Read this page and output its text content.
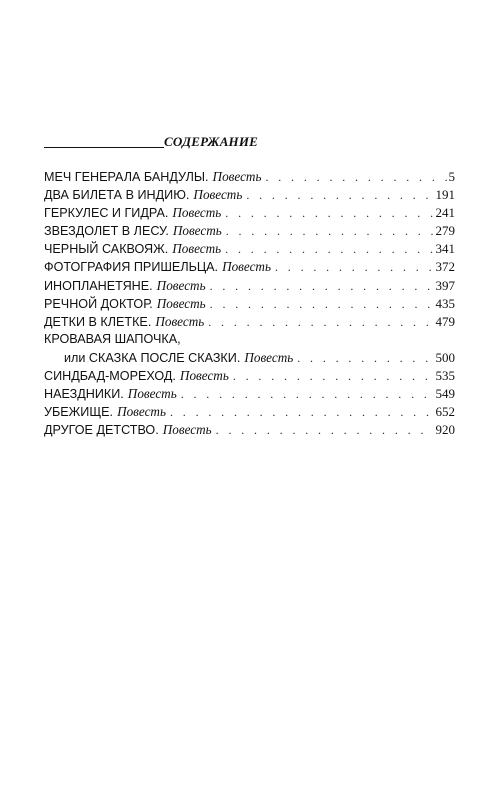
СОДЕРЖАНИЕ
МЕЧ ГЕНЕРАЛА БАНДУЛЫ. Повесть . . .	5
ДВА БИЛЕТА В ИНДИЮ. Повесть . . .	191
ГЕРКУЛЕС И ГИДРА. Повесть . . .	241
ЗВЕЗДОЛЕТ В ЛЕСУ. Повесть . . .	279
ЧЕРНЫЙ САКВОЯЖ. Повесть . . .	341
ФОТОГРАФИЯ ПРИШЕЛЬЦА. Повесть . . .	372
ИНОПЛАНЕТЯНЕ. Повесть . . .	397
РЕЧНОЙ ДОКТОР. Повесть . . .	435
ДЕТКИ В КЛЕТКЕ. Повесть . . .	479
КРОВАВАЯ ШАПОЧКА,
или СКАЗКА ПОСЛЕ СКАЗКИ. Повесть . . .	500
СИНДБАД-МОРЕХОД. Повесть . . .	535
НАЕЗДНИКИ. Повесть . . .	549
УБЕЖИЩЕ. Повесть . . .	652
ДРУГОЕ ДЕТСТВО. Повесть . . .	920
